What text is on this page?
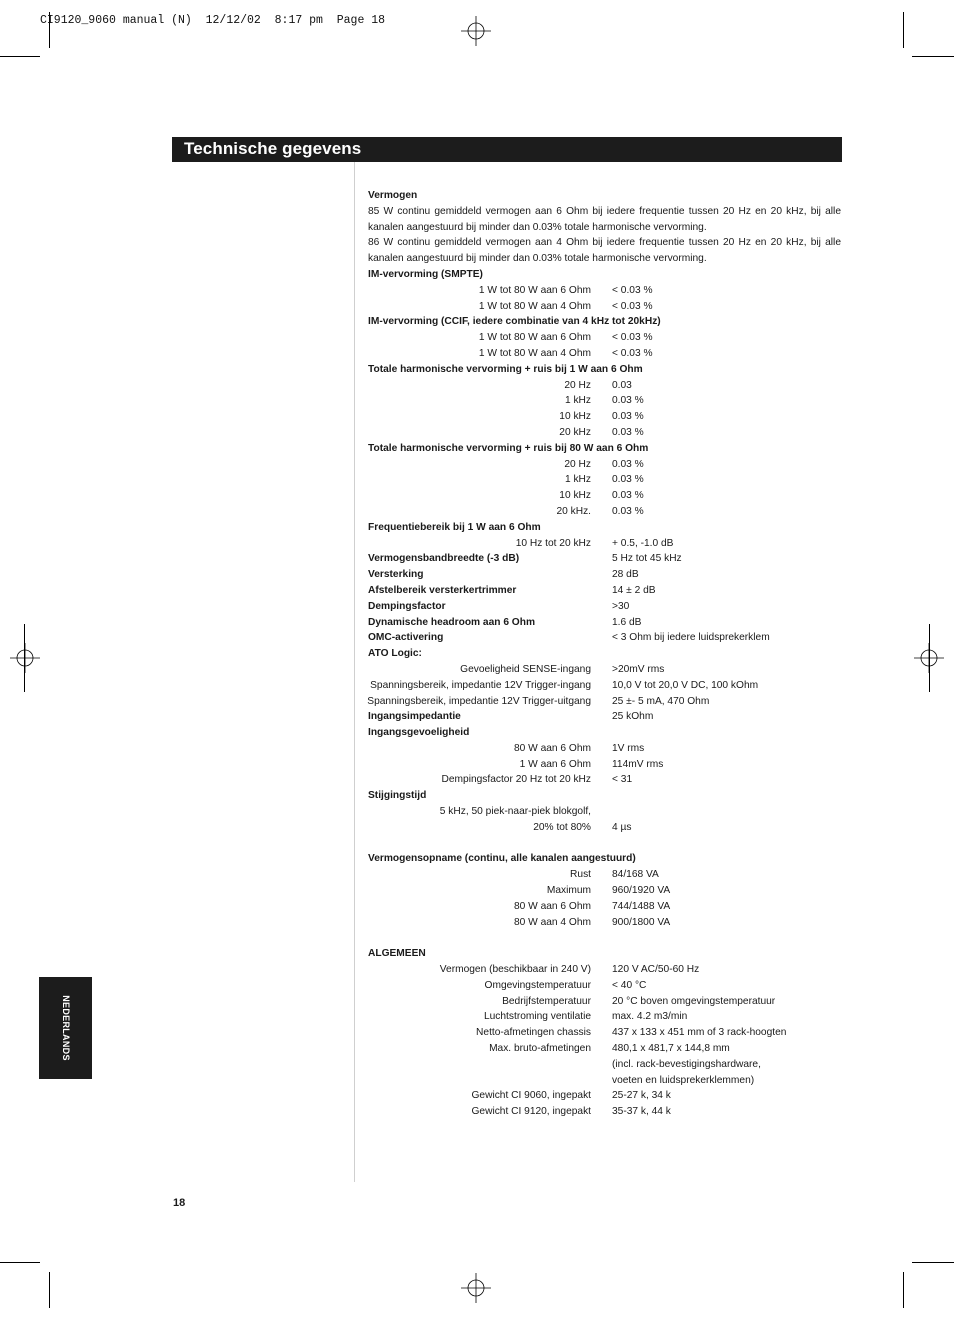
CI9120_9060 manual (N)  12/12/02  8:17 pm  Page 18
Technische gegevens
NEDERLANDS
18
Vermogen
85 W continu gemiddeld vermogen aan 6 Ohm bij iedere frequentie tussen 20 Hz en 20 kHz, bij alle kanalen aangestuurd bij minder dan 0.03% totale harmonische vervorming.
86 W continu gemiddeld vermogen aan 4 Ohm bij iedere frequentie tussen 20 Hz en 20 kHz, bij alle kanalen aangestuurd bij minder dan 0.03% totale harmonische vervorming.
IM-vervorming (SMPTE)
1 W tot 80 W aan 6 Ohm < 0.03 %
1 W tot 80 W aan 4 Ohm < 0.03 %
IM-vervorming (CCIF, iedere combinatie van 4 kHz tot 20kHz)
1 W tot 80 W aan 6 Ohm < 0.03 %
1 W tot 80 W aan 4 Ohm < 0.03 %
Totale harmonische vervorming + ruis bij 1 W aan 6 Ohm
20 Hz 0.03
1 kHz 0.03 %
10 kHz 0.03 %
20 kHz 0.03 %
Totale harmonische vervorming + ruis bij 80 W aan 6 Ohm
20 Hz 0.03 %
1 kHz 0.03 %
10 kHz 0.03 %
20 kHz. 0.03 %
Frequentiebereik bij 1 W aan 6 Ohm
10 Hz tot 20 kHz + 0.5, -1.0 dB
Vermogensbandbreedte (-3 dB)	5 Hz tot 45 kHz
Versterking	28 dB
Afstelbereik versterkertrimmer	14 ± 2 dB
Dempingsfactor	>30
Dynamische headroom aan 6 Ohm	1.6 dB
OMC-activering	< 3 Ohm bij iedere luidsprekerklem
ATO Logic:
Gevoeligheid SENSE-ingang >20mV rms
Spanningsbereik, impedantie 12V Trigger-ingang 10,0 V tot 20,0 V DC, 100 kOhm
Spanningsbereik, impedantie 12V Trigger-uitgang 25 ±- 5 mA, 470 Ohm
Ingangsimpedantie	25 kOhm
Ingangsgevoeligheid
80 W aan 6 Ohm 1V rms
1 W aan 6 Ohm 114mV rms
Dempingsfactor 20 Hz tot 20 kHz < 31
Stijgingstijd
5 kHz, 50 piek-naar-piek blokgolf,
20% tot 80% 4 µs
Vermogensopname (continu, alle kanalen aangestuurd)
Rust 84/168 VA
Maximum 960/1920 VA
80 W aan 6 Ohm 744/1488 VA
80 W aan 4 Ohm 900/1800 VA
ALGEMEEN
Vermogen (beschikbaar in 240 V) 120 V AC/50-60 Hz
Omgevingstemperatuur < 40 °C
Bedrijfstemperatuur 20 °C boven omgevingstemperatuur
Luchtstroming ventilatie max. 4.2 m3/min
Netto-afmetingen chassis 437 x 133 x 451 mm of 3 rack-hoogten
Max. bruto-afmetingen 480,1 x 481,7 x 144,8 mm
(incl. rack-bevestigingshardware,
voeten en luidsprekerklemmen)
Gewicht CI 9060, ingepakt 25-27 k, 34 k
Gewicht CI 9120, ingepakt 35-37 k, 44 k
